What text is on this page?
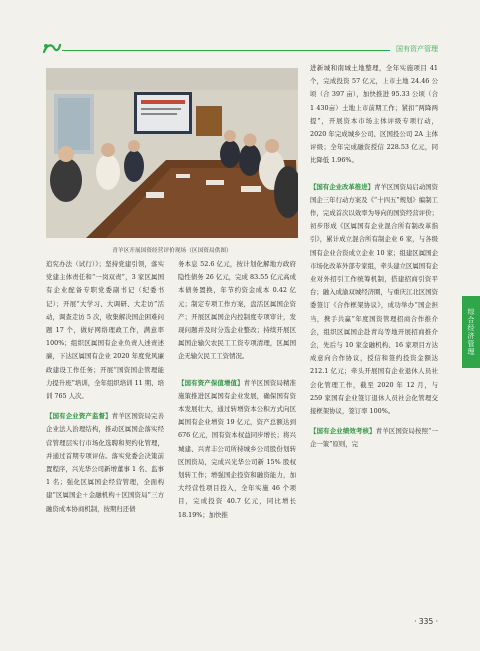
国有资产管理
青羊区开展国资经营评价现场（区国资局供图）

追究办法（试行）》；坚持党建引领，落实党建主体责任和“一岗双责”，3 家区属国有企业配备专职党委副书记（纪委书记）；开展“大学习、大调研、大走访”活动，调查走访 5 次，收集解决国企困难问题 17 个，做好网络理政工作，满意率 100%；组织区属国有企业负责人述责述廉，下达区属国有企业 2020 年度党风廉政建设工作任务；开展“国资国企管理能力提升班”培训，全年组织培训 11 期、培训 765 人次。

【国有企业资产监督】青羊区国资局完善企业法人治理结构，推动区属国企落实经营管理层实行市场化选聘和契约化管理，并通过首期专项评估。落实党委会决策前置程序，兴光华公司新增董事 1 名、监事 1 名；强化区属国企经营管理，全面构建“区属国企＋金融机构＋区国资局”三方融资成本协商机制，按期归还债

务本息 52.6 亿元，按计划化解地方政府隐性债务 26 亿元，完成 83.55 亿元高成本债务置换，年节约资金成本 0.42 亿元；制定专项工作方案，盘活区属国企资产；开展区属国企内控制度专项审计，发现问题并及时分选企业整改；持续开展区属国企输欠农民工工资专项清理，区属国企无输欠民工工资情况。

【国有资产保值增值】青羊区国资局精准施策推进区属国有企业发展，确保国有资本发展壮大，通过转增资本公积方式向区属国有企业增资 19 亿元，资产总额达到 676 亿元，国有资本权益同步增长；将兴城建、兴青丰公司所持城乡公司股份划转区国资局，完成兴光华公司新 15% 股权划转工作；增强国企投资和融资能力，加大经营性项目投入，全年实施 46 个项目，完成投资 40.7 亿元，同比增长 18.19%；加快推

进新城和南城土地整理，全年实施项目 41 个，完成投资 57 亿元，上市土地 24.46 公顷（合 397 亩），加快推进 95.33 公顷（合 1 430亩）土地上市前期工作；紧扣“两降两提”，开展资本市场主体评级专项行动，2020 年完成城乡公司、区国投公司 2A 主体评级；全年完成融资授信 228.53 亿元，同比降低 1.96%。

【国有企业改革推进】青羊区国资局启动国资国企三年行动方案及《“十四五”规划》编制工作，完成首次以效率为导向的国资经营评价；初步形成《区属国有企业混合所有制改革指引》，累计成立混合所有制企业 6 家，与各级国有企业合资成立企业 10 家；组建区属国企市场化改革外部专家组，牵头建立区属国有企业对外招引工作统筹机制，搭建招商引资平台；融入成渝双城经济圈，与重庆江北区国资委签订《合作框架协议》，成功举办“国企担当，携手共赢”年度国资管理招商合作推介会，组织区属国企赴青岛等地开展招商推介会，先后与 10 家金融机构、16 家项目方达成意向合作协议，授信和签约投资金额达 212.1 亿元；牵头开展国有企业退休人员社会化管理工作，截至 2020 年 12 月，与 259 家国有企业签订退休人员社会化管理交接框架协议，签订率 100%。

【国有企业绩效考核】青羊区国资局按照“一企一策”原则，完

综合经济管理
· 335 ·
